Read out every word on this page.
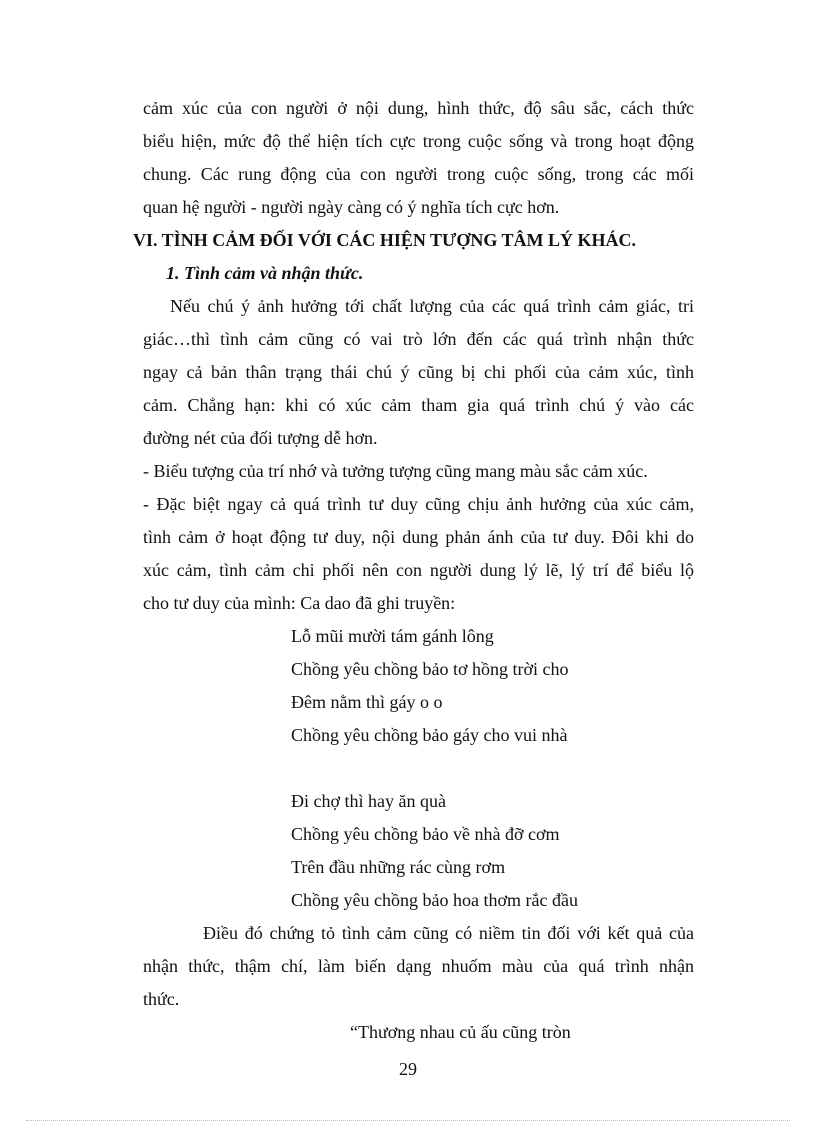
cảm xúc của con người ở nội dung, hình thức, độ sâu sắc, cách thức
biểu hiện, mức độ thể hiện tích cực trong cuộc sống và trong hoạt động
chung. Các rung động của con người trong cuộc sống, trong các mối
quan hệ người - người ngày càng có ý nghĩa tích cực hơn.
VI. TÌNH CẢM ĐỐI VỚI CÁC HIỆN TƯỢNG TÂM LÝ KHÁC.
1. Tình cảm và nhận thức.
Nếu chú ý ảnh hưởng tới chất lượng của các quá trình cảm giác, tri
giác…thì tình cảm cũng có vai trò lớn đến các quá trình nhận thức
ngay cả bản thân trạng thái chú ý cũng bị chi phối của cảm xúc, tình
cảm. Chẳng hạn: khi có xúc cảm tham gia quá trình chú ý vào các
đường nét của đối tượng dễ hơn.
- Biểu tượng của trí nhớ và tưởng tượng cũng mang màu sắc cảm xúc.
- Đặc biệt ngay cả quá trình tư duy cũng chịu ảnh hưởng của xúc cảm,
tình cảm ở hoạt động tư duy, nội dung phản ánh của tư duy. Đôi khi do
xúc cảm, tình cảm chi phối nên con người dung lý lẽ, lý trí để biểu lộ
cho tư duy của mình: Ca dao đã ghi truyền:
Lỗ mũi mười tám gánh lông
Chồng yêu chồng bảo tơ hồng trời cho
Đêm nằm thì gáy o o
Chồng yêu chồng bảo gáy cho vui nhà
Đi chợ thì hay ăn quà
Chồng yêu chồng bảo về nhà đỡ cơm
Trên đầu những rác cùng rơm
Chồng yêu chồng bảo hoa thơm rắc đầu
Điều đó chứng tỏ tình cảm cũng có niềm tin đối với kết quả của
nhận thức, thậm chí, làm biến dạng nhuốm màu của quá trình nhận
thức.
“Thương nhau củ ấu cũng tròn
29
